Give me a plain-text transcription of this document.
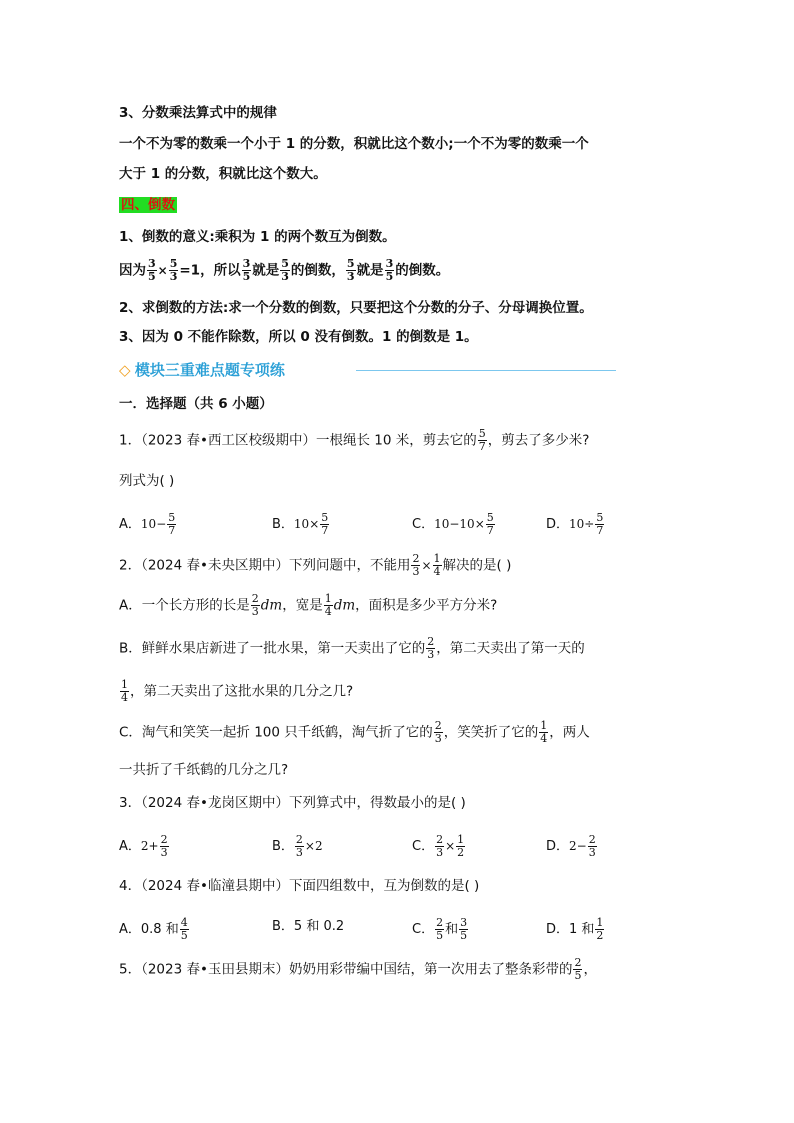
3、分数乘法算式中的规律
一个不为零的数乘一个小于 1 的分数，积就比这个数小;一个不为零的数乘一个
大于 1 的分数，积就比这个数大。
四、倒数
1、倒数的意义:乘积为 1 的两个数互为倒数。
因为 $\frac{3}{5} \times \frac{5}{3} =1$，所以 $\frac{3}{5}$ 就是 $\frac{5}{3}$ 的倒数， $\frac{5}{3}$ 就是 $\frac{3}{5}$ 的倒数。
2、求倒数的方法:求一个分数的倒数，只要把这个分数的分子、分母调换位置。
3、因为 0 不能作除数，所以 0 没有倒数。1 的倒数是 1。
◇ 模块三重难点题专项练
一．选择题（共 6 小题）
1．（2023 春•西工区校级期中）一根绳长 10 米，剪去它的 $\frac{5}{7}$ ，剪去了多少米?
列式为( )
A．$10- \frac{5}{7}$	B．$10\times \frac{5}{7}$	C．$10-10\times \frac{5}{7}$	D．$10\div \frac{5}{7}$
2．（2024 春•未央区期中）下列问题中，不能用 $\frac{2}{3} \times \frac{1}{4}$ 解决的是( )
A．一个长方形的长是 $\frac{2}{3}$ dm，宽是 $\frac{1}{4}$ dm，面积是多少平方分米?
B．鲜鲜水果店新进了一批水果，第一天卖出了它的 $\frac{2}{3}$ ，第二天卖出了第一天的
$\frac{1}{4}$ ，第二天卖出了这批水果的几分之几?
C．淘气和笑笑一起折 100 只千纸鹤，淘气折了它的 $\frac{2}{3}$ ，笑笑折了它的 $\frac{1}{4}$ ，两人
一共折了千纸鹤的几分之几?
3．（2024 春•龙岗区期中）下列算式中，得数最小的是( )
A．$2+ \frac{2}{3}$	B． $\frac{2}{3} \times 2$	C． $\frac{2}{3} \times \frac{1}{2}$	D．$2- \frac{2}{3}$
4．（2024 春•临潼县期中）下面四组数中，互为倒数的是( )
A．0.8 和 $\frac{4}{5}$	B．5 和 0.2	C． $\frac{2}{5}$ 和 $\frac{3}{5}$	D．1 和 $\frac{1}{2}$
5．（2023 春•玉田县期末）奶奶用彩带编中国结，第一次用去了整条彩带的 $\frac{2}{5}$ ，
